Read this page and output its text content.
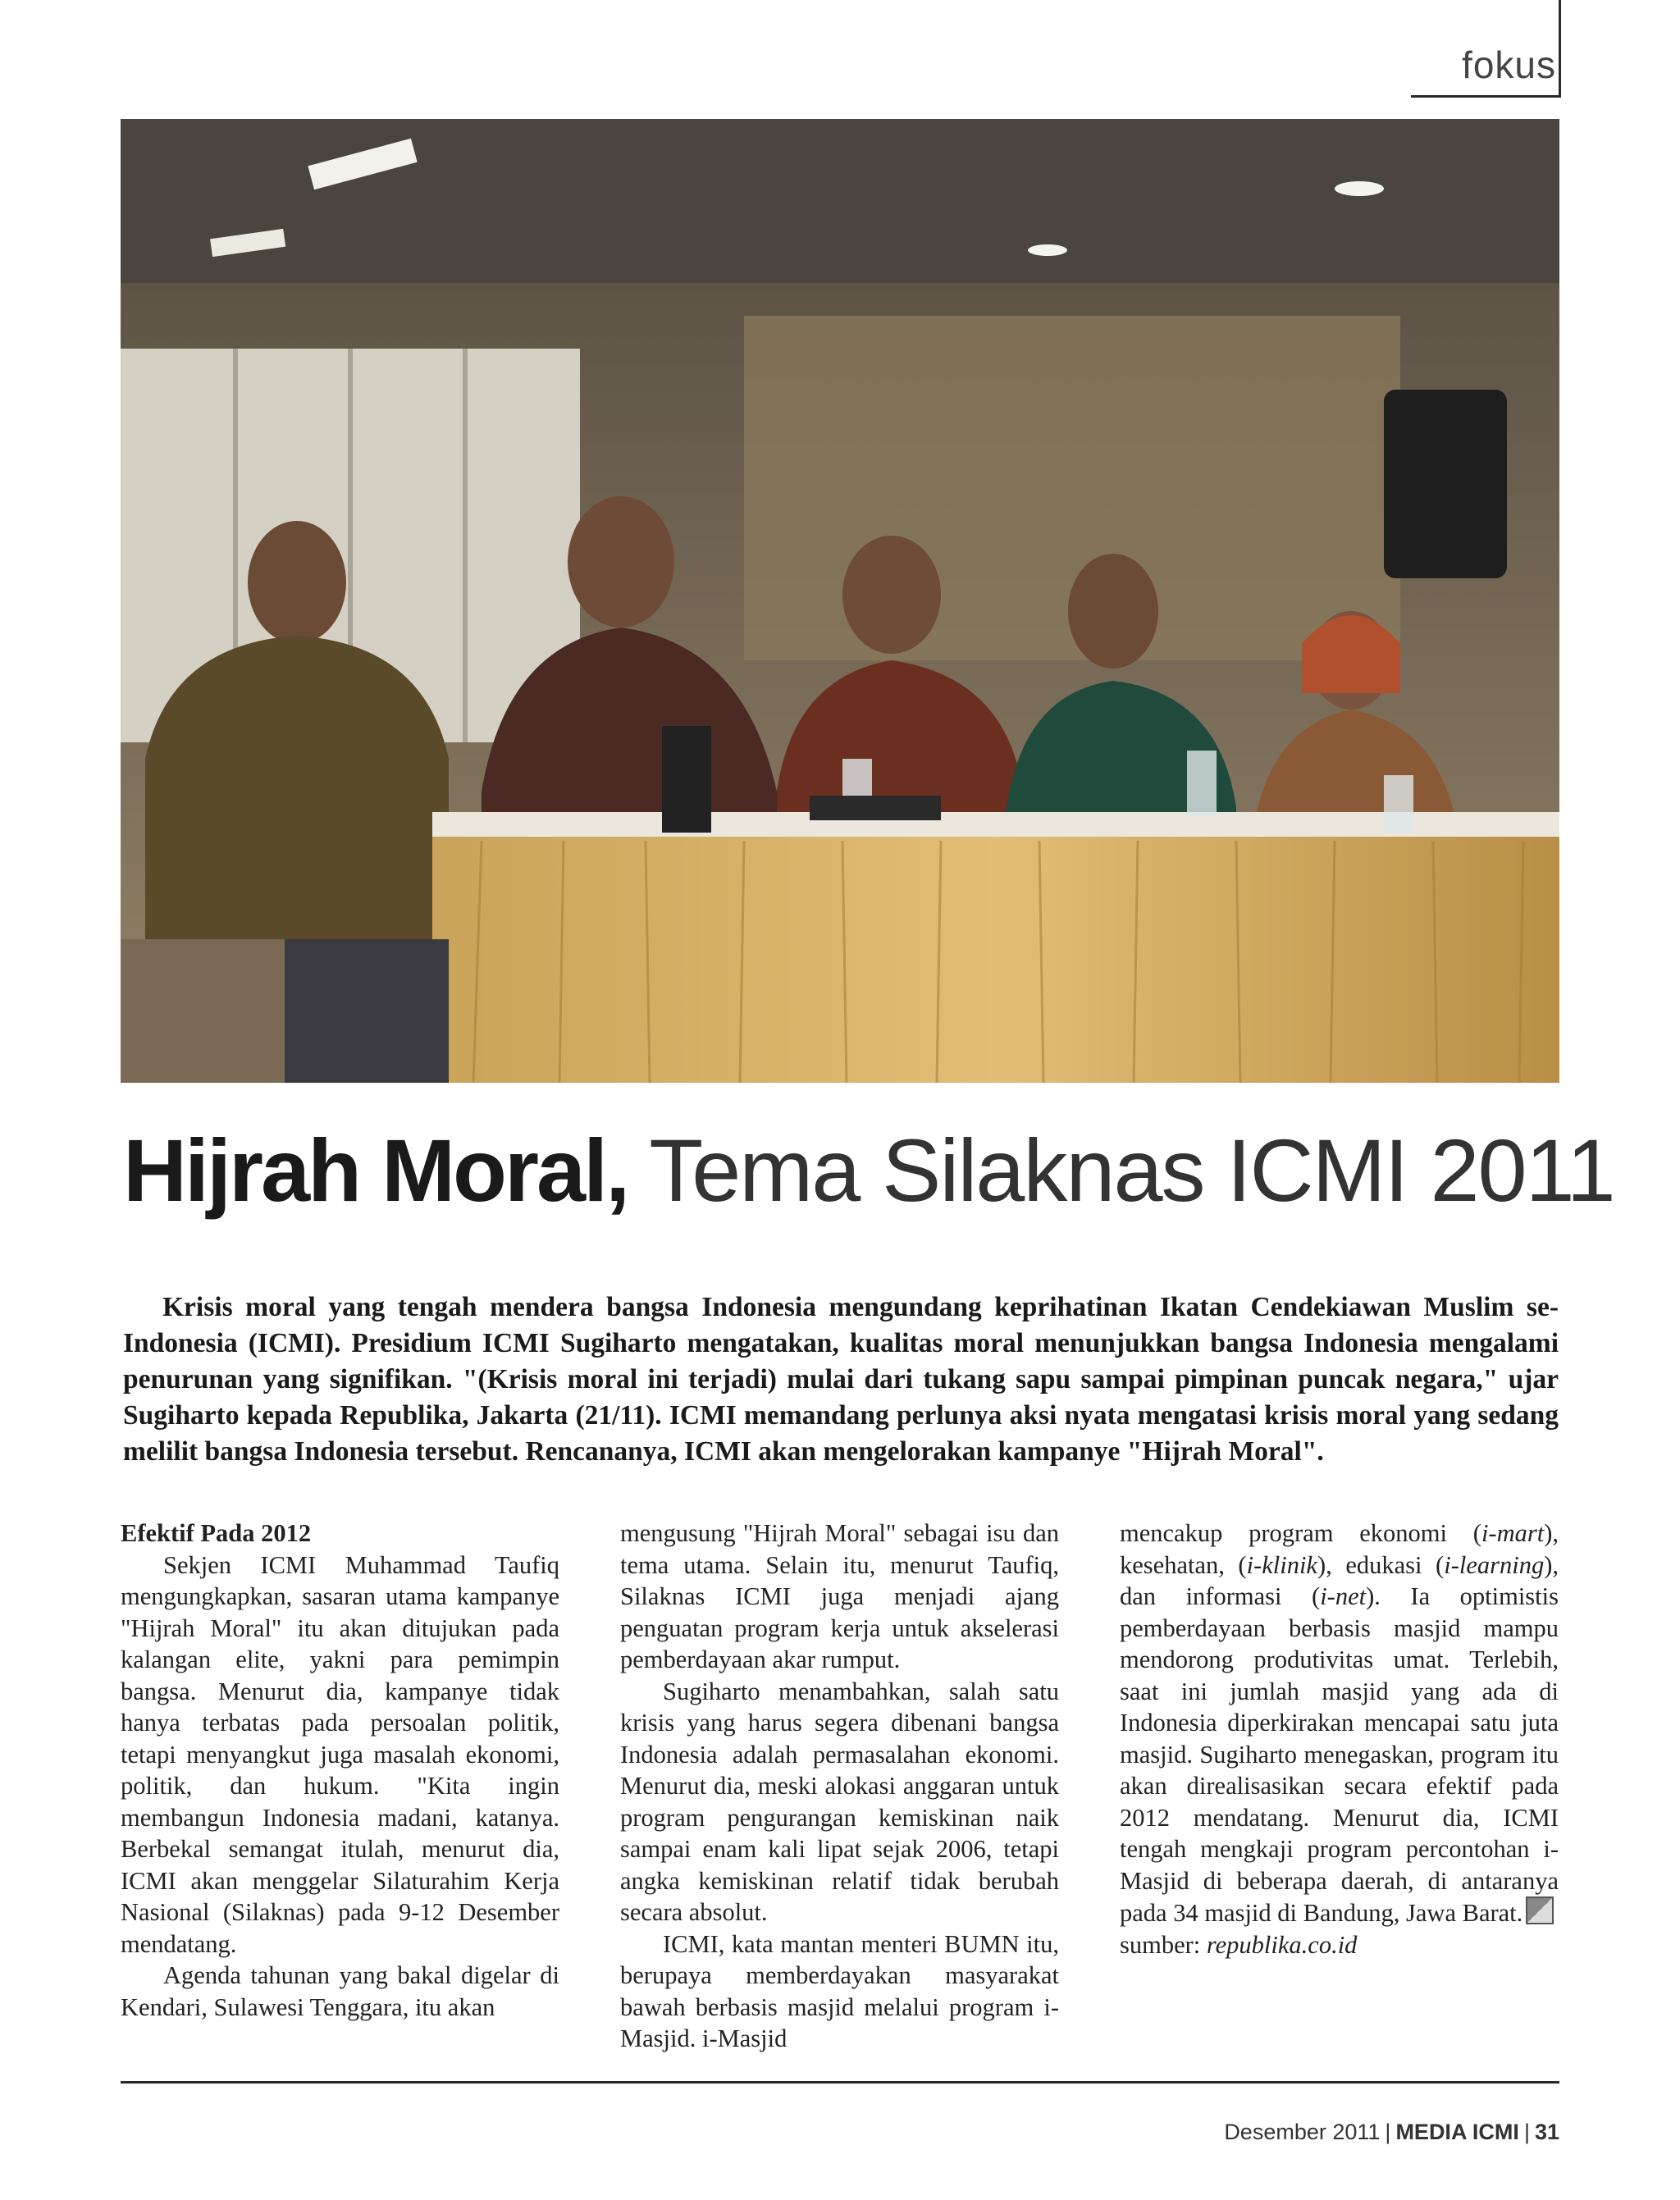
fokus
Hijrah Moral, Tema Silaknas ICMI 2011

Krisis moral yang tengah mendera bangsa Indonesia mengundang keprihatinan Ikatan Cendekiawan Muslim se-Indonesia (ICMI). Presidium ICMI Sugiharto mengatakan, kualitas moral menunjukkan bangsa Indonesia mengalami penurunan yang signifikan. "(Krisis moral ini terjadi) mulai dari tukang sapu sampai pimpinan puncak negara," ujar Sugiharto kepada Republika, Jakarta (21/11). ICMI memandang perlunya aksi nyata mengatasi krisis moral yang sedang melilit bangsa Indonesia tersebut. Rencananya, ICMI akan mengelorakan kampanye "Hijrah Moral".

Efektif Pada 2012

Sekjen ICMI Muhammad Taufiq mengungkapkan, sasaran utama kampanye "Hijrah Moral" itu akan ditujukan pada kalangan elite, yakni para pemimpin bangsa. Menurut dia, kampanye tidak hanya terbatas pada persoalan politik, tetapi menyangkut juga masalah ekonomi, politik, dan hukum. "Kita ingin membangun Indonesia madani, katanya. Berbekal semangat itulah, menurut dia, ICMI akan menggelar Silaturahim Kerja Nasional (Silaknas) pada 9-12 Desember mendatang.

Agenda tahunan yang bakal digelar di Kendari, Sulawesi Tenggara, itu akan

mengusung "Hijrah Moral" sebagai isu dan tema utama. Selain itu, menurut Taufiq, Silaknas ICMI juga menjadi ajang penguatan program kerja untuk akselerasi pemberdayaan akar rumput.

Sugiharto menambahkan, salah satu krisis yang harus segera dibenani bangsa Indonesia adalah permasalahan ekonomi. Menurut dia, meski alokasi anggaran untuk program pengurangan kemiskinan naik sampai enam kali lipat sejak 2006, tetapi angka kemiskinan relatif tidak berubah secara absolut.

ICMI, kata mantan menteri BUMN itu, berupaya memberdayakan masyarakat bawah berbasis masjid melalui program i-Masjid. i-Masjid

mencakup program ekonomi (i-mart), kesehatan, (i-klinik), edukasi (i-learning), dan informasi (i-net). Ia optimistis pemberdayaan berbasis masjid mampu mendorong produtivitas umat. Terlebih, saat ini jumlah masjid yang ada di Indonesia diperkirakan mencapai satu juta masjid. Sugiharto menegaskan, program itu akan direalisasikan secara efektif pada 2012 mendatang. Menurut dia, ICMI tengah mengkaji program percontohan i-Masjid di beberapa daerah, di antaranya pada 34 masjid di Bandung, Jawa Barat.

sumber: republika.co.id

Desember 2011 | MEDIA ICMI | 31
